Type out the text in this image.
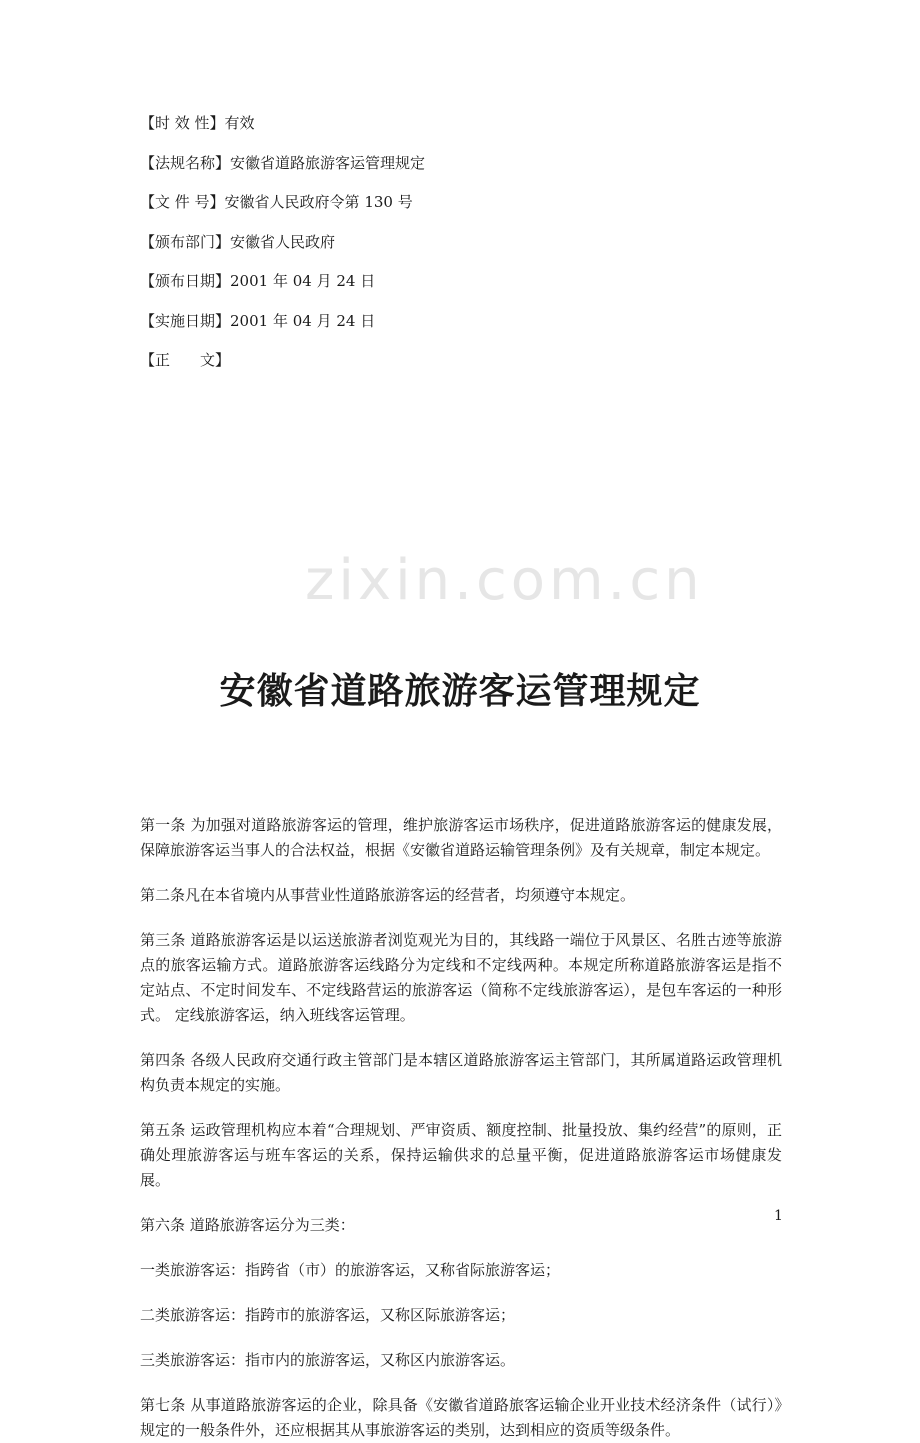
zixin.com.cn
【时 效 性】有效
【法规名称】安徽省道路旅游客运管理规定
【文 件 号】安徽省人民政府令第 130 号
【颁布部门】安徽省人民政府
【颁布日期】2001 年 04 月 24 日
【实施日期】2001 年 04 月 24 日
【正　　文】
安徽省道路旅游客运管理规定

第一条 为加强对道路旅游客运的管理，维护旅游客运市场秩序，促进道路旅游客运的健康发展，保障旅游客运当事人的合法权益，根据《安徽省道路运输管理条例》及有关规章，制定本规定。

第二条凡在本省境内从事营业性道路旅游客运的经营者，均须遵守本规定。

第三条 道路旅游客运是以运送旅游者浏览观光为目的，其线路一端位于风景区、名胜古迹等旅游点的旅客运输方式。道路旅游客运线路分为定线和不定线两种。本规定所称道路旅游客运是指不定站点、不定时间发车、不定线路营运的旅游客运（简称不定线旅游客运），是包车客运的一种形式。 定线旅游客运，纳入班线客运管理。

第四条 各级人民政府交通行政主管部门是本辖区道路旅游客运主管部门，其所属道路运政管理机构负责本规定的实施。

第五条 运政管理机构应本着“合理规划、严审资质、额度控制、批量投放、集约经营”的原则，正确处理旅游客运与班车客运的关系，保持运输供求的总量平衡，促进道路旅游客运市场健康发展。

第六条 道路旅游客运分为三类：

一类旅游客运：指跨省（市）的旅游客运，又称省际旅游客运；

二类旅游客运：指跨市的旅游客运，又称区际旅游客运；

三类旅游客运：指市内的旅游客运，又称区内旅游客运。

第七条 从事道路旅游客运的企业，除具备《安徽省道路旅客运输企业开业技术经济条件（试行）》规定的一般条件外，还应根据其从事旅游客运的类别，达到相应的资质等级条件。

1
